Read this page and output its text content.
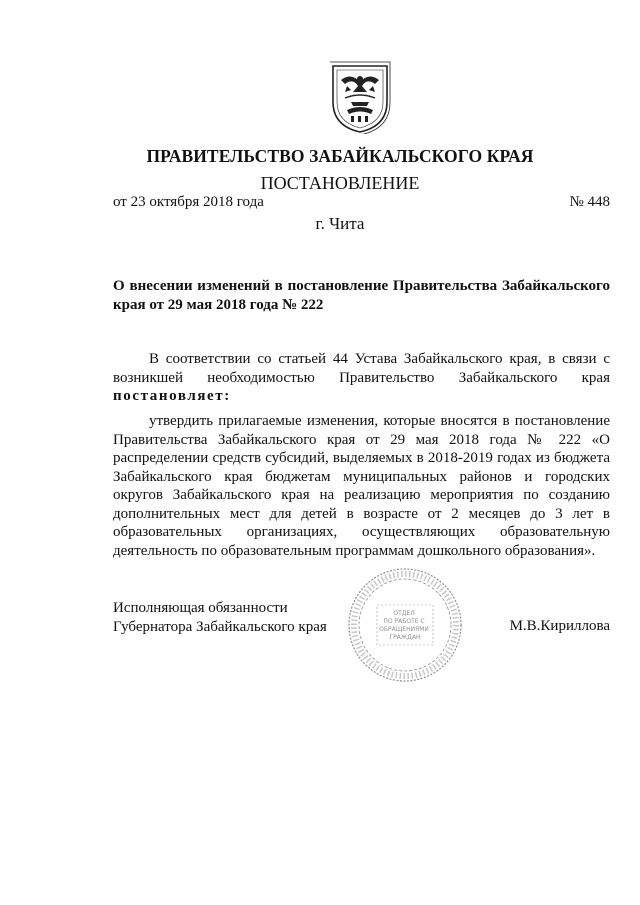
ПРАВИТЕЛЬСТВО ЗАБАЙКАЛЬСКОГО КРАЯ
ПОСТАНОВЛЕНИЕ
от 23 октября 2018 года	№ 448
г. Чита
О внесении изменений в постановление Правительства Забайкальского края от 29 мая 2018 года № 222

В соответствии со статьей 44 Устава Забайкальского края, в связи с возникшей необходимостью Правительство Забайкальского края постановляет:

утвердить прилагаемые изменения, которые вносятся в постановление Правительства Забайкальского края от 29 мая 2018 года № 222 «О распределении средств субсидий, выделяемых в 2018-2019 годах из бюджета Забайкальского края бюджетам муниципальных районов и городских округов Забайкальского края на реализацию мероприятия по созданию дополнительных мест для детей в возрасте от 2 месяцев до 3 лет в образовательных организациях, осуществляющих образовательную деятельность по образовательным программам дошкольного образования».

Исполняющая обязанности
Губернатора Забайкальского края
ОТДЕЛ ПО РАБОТЕ С ОБРАЩЕНИЯМИ ГРАЖДАН
М.В.Кириллова
